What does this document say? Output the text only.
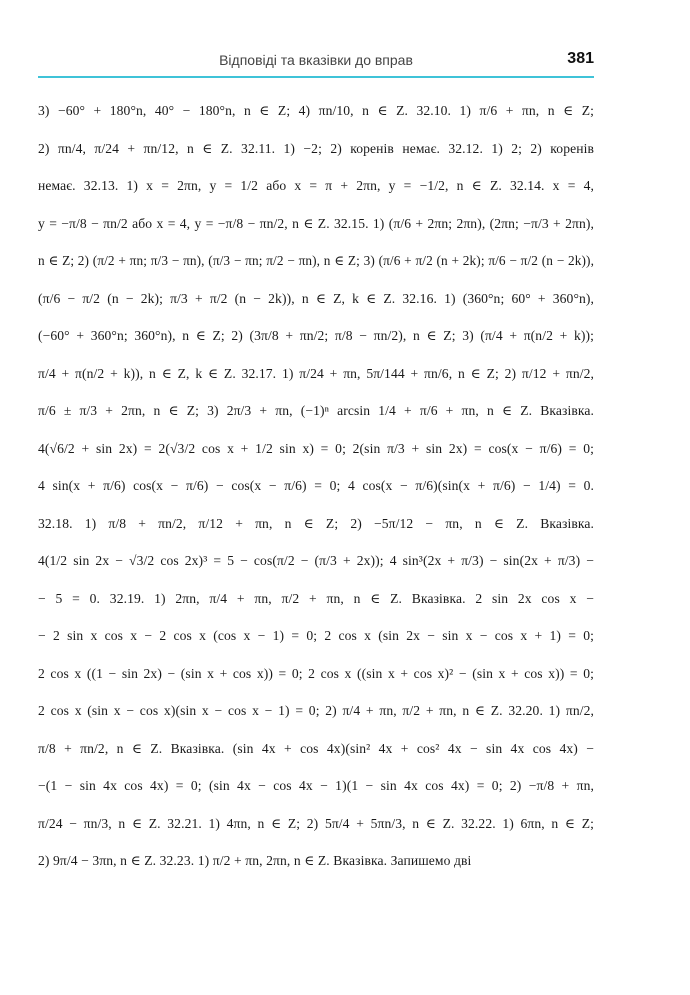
Відповіді та вказівки до вправ	381
3) −60° + 180°n, 40° − 180°n, n ∈ Z; 4) πn/10, n ∈ Z. 32.10. 1) π/6 + πn, n ∈ Z;
2) πn/4, π/24 + πn/12, n ∈ Z. 32.11. 1) −2; 2) коренів немає. 32.12. 1) 2; 2) коренів
немає. 32.13. 1) x = 2πn, y = 1/2 або x = π + 2πn, y = −1/2, n ∈ Z. 32.14. x = 4,
y = −π/8 − πn/2 або x = 4, y = −π/8 − πn/2, n ∈ Z. 32.15. 1) (π/6 + 2πn; 2πn), (2πn; −π/3 + 2πn),
n ∈ Z; 2) (π/2 + πn; π/3 − πn), (π/3 − πn; π/2 − πn), n ∈ Z; 3) (π/6 + π/2 (n + 2k); π/6 − π/2 (n − 2k)),
(π/6 − π/2 (n − 2k); π/3 + π/2 (n − 2k)), n ∈ Z, k ∈ Z. 32.16. 1) (360°n; 60° + 360°n),
(−60° + 360°n; 360°n), n ∈ Z; 2) (3π/8 + πn/2; π/8 − πn/2), n ∈ Z; 3) (π/4 + π(n/2 + k));
π/4 + π(n/2 + k)), n ∈ Z, k ∈ Z. 32.17. 1) π/24 + πn, 5π/144 + πn/6, n ∈ Z; 2) π/12 + πn/2,
π/6 ± π/3 + 2πn, n ∈ Z; 3) 2π/3 + πn, (−1)ⁿ arcsin 1/4 + π/6 + πn, n ∈ Z. Вказівка.
4(√6/2 + sin 2x) = 2(√3/2 cos x + 1/2 sin x) = 0; 2(sin π/3 + sin 2x) = cos(x − π/6) = 0;
4 sin(x + π/6) cos(x − π/6) − cos(x − π/6) = 0; 4 cos(x − π/6)(sin(x + π/6) − 1/4) = 0.
32.18. 1) π/8 + πn/2, π/12 + πn, n ∈ Z; 2) −5π/12 − πn, n ∈ Z. Вказівка.
4(1/2 sin 2x − √3/2 cos 2x)³ = 5 − cos(π/2 − (π/3 + 2x)); 4 sin³(2x + π/3) − sin(2x + π/3) −
− 5 = 0. 32.19. 1) 2πn, π/4 + πn, π/2 + πn, n ∈ Z. Вказівка. 2 sin 2x cos x −
− 2 sin x cos x − 2 cos x (cos x − 1) = 0; 2 cos x (sin 2x − sin x − cos x + 1) = 0;
2 cos x ((1 − sin 2x) − (sin x + cos x)) = 0; 2 cos x ((sin x + cos x)² − (sin x + cos x)) = 0;
2 cos x (sin x − cos x)(sin x − cos x − 1) = 0; 2) π/4 + πn, π/2 + πn, n ∈ Z. 32.20. 1) πn/2,
π/8 + πn/2, n ∈ Z. Вказівка. (sin 4x + cos 4x)(sin² 4x + cos² 4x − sin 4x cos 4x) −
−(1 − sin 4x cos 4x) = 0; (sin 4x − cos 4x − 1)(1 − sin 4x cos 4x) = 0; 2) −π/8 + πn,
π/24 − πn/3, n ∈ Z. 32.21. 1) 4πn, n ∈ Z; 2) 5π/4 + 5πn/3, n ∈ Z. 32.22. 1) 6πn, n ∈ Z;
2) 9π/4 − 3πn, n ∈ Z. 32.23. 1) π/2 + πn, 2πn, n ∈ Z. Вказівка. Запишемо дві
